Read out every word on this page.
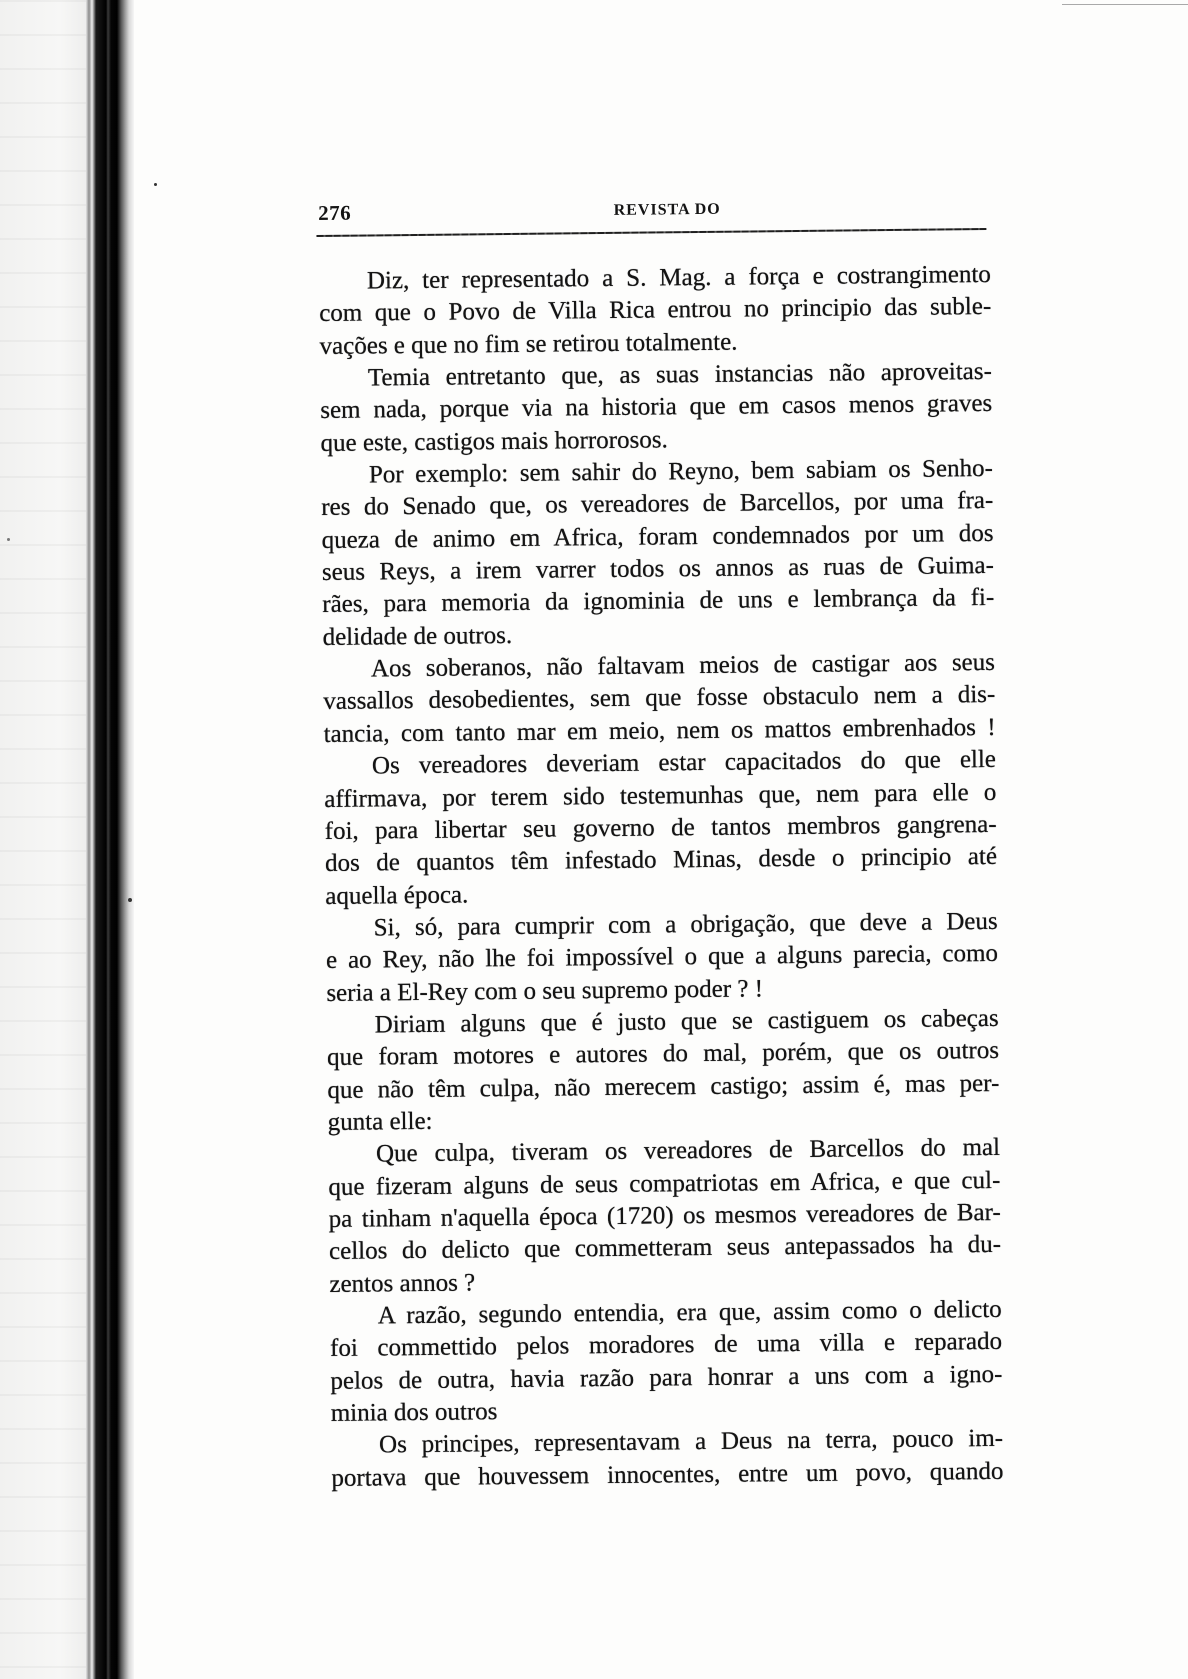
276	REVISTA DO
Diz, ter representado a S. Mag. a força e costrangimento
com que o Povo de Villa Rica entrou no principio das suble-
vações e que no fim se retirou totalmente.
Temia entretanto que, as suas instancias não aproveitas-
sem nada, porque via na historia que em casos menos graves
que este, castigos mais horrorosos.
Por exemplo: sem sahir do Reyno, bem sabiam os Senho-
res do Senado que, os vereadores de Barcellos, por uma fra-
queza de animo em Africa, foram condemnados por um dos
seus Reys, a irem varrer todos os annos as ruas de Guima-
rães, para memoria da ignominia de uns e lembrança da fi-
delidade de outros.
Aos soberanos, não faltavam meios de castigar aos seus
vassallos desobedientes, sem que fosse obstaculo nem a dis-
tancia, com tanto mar em meio, nem os mattos embrenhados !
Os vereadores deveriam estar capacitados do que elle
affirmava, por terem sido testemunhas que, nem para elle o
foi, para libertar seu governo de tantos membros gangrena-
dos de quantos têm infestado Minas, desde o principio até
aquella época.
Si, só, para cumprir com a obrigação, que deve a Deus
e ao Rey, não lhe foi impossível o que a alguns parecia, como
seria a El-Rey com o seu supremo poder ? !
Diriam alguns que é justo que se castiguem os cabeças
que foram motores e autores do mal, porém, que os outros
que não têm culpa, não merecem castigo; assim é, mas per-
gunta elle:
Que culpa, tiveram os vereadores de Barcellos do mal
que fizeram alguns de seus compatriotas em Africa, e que cul-
pa tinham n'aquella época (1720) os mesmos vereadores de Bar-
cellos do delicto que commetteram seus antepassados ha du-
zentos annos ?
A razão, segundo entendia, era que, assim como o delicto
foi commettido pelos moradores de uma villa e reparado
pelos de outra, havia razão para honrar a uns com a igno-
minia dos outros
Os principes, representavam a Deus na terra, pouco im-
portava que houvessem innocentes, entre um povo, quando
